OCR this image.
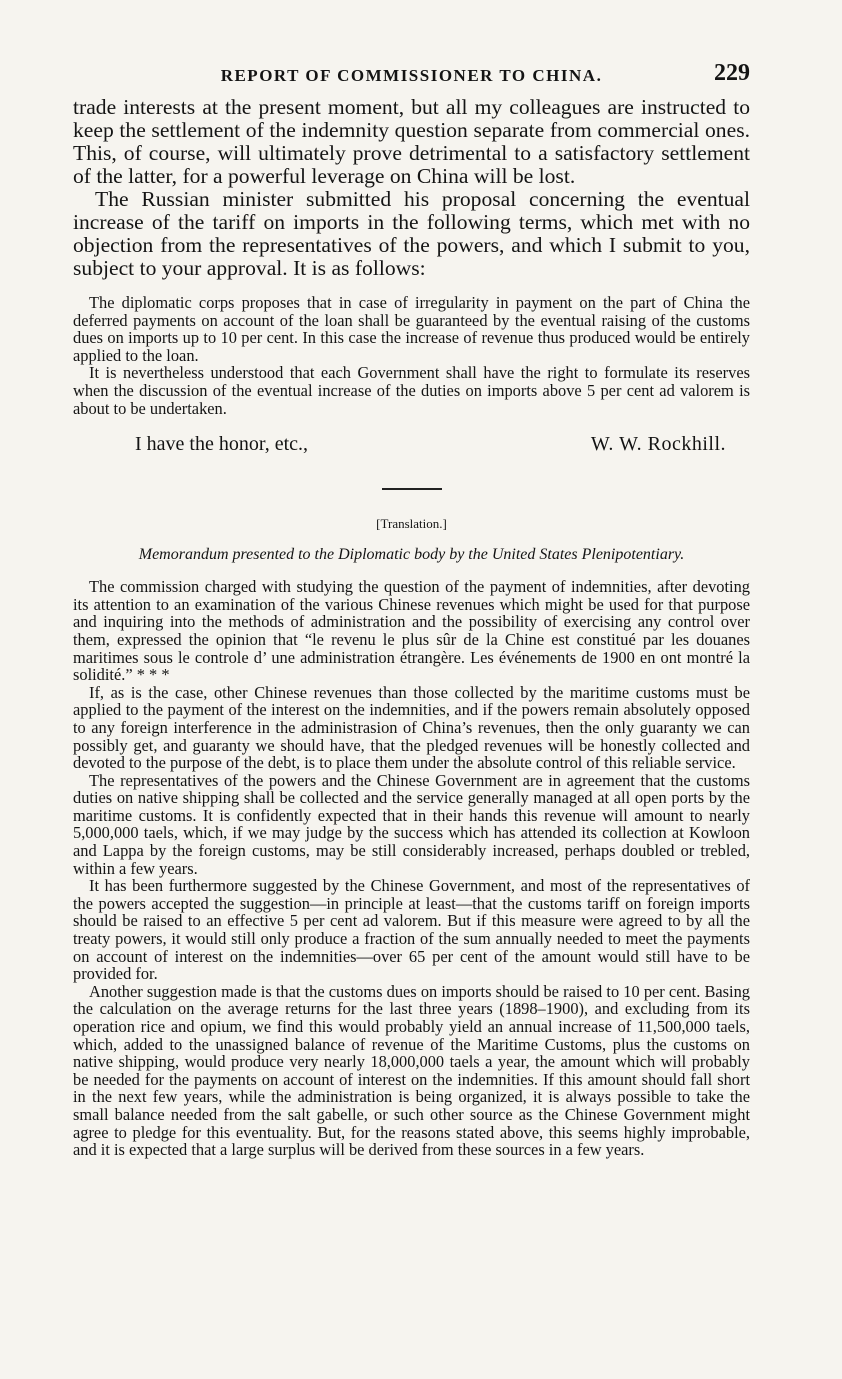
REPORT OF COMMISSIONER TO CHINA.	229

trade interests at the present moment, but all my colleagues are instructed to keep the settlement of the indemnity question separate from commercial ones. This, of course, will ultimately prove detrimental to a satisfactory settlement of the latter, for a powerful leverage on China will be lost.

The Russian minister submitted his proposal concerning the eventual increase of the tariff on imports in the following terms, which met with no objection from the representatives of the powers, and which I submit to you, subject to your approval. It is as follows:

The diplomatic corps proposes that in case of irregularity in payment on the part of China the deferred payments on account of the loan shall be guaranteed by the eventual raising of the customs dues on imports up to 10 per cent. In this case the increase of revenue thus produced would be entirely applied to the loan.

It is nevertheless understood that each Government shall have the right to formulate its reserves when the discussion of the eventual increase of the duties on imports above 5 per cent ad valorem is about to be undertaken.

I have the honor, etc.,	W. W. Rockhill.
[Translation.]
Memorandum presented to the Diplomatic body by the United States Plenipotentiary.

The commission charged with studying the question of the payment of indemnities, after devoting its attention to an examination of the various Chinese revenues which might be used for that purpose and inquiring into the methods of administration and the possibility of exercising any control over them, expressed the opinion that “le revenu le plus sûr de la Chine est constitué par les douanes maritimes sous le controle d’ une administration étrangère. Les événements de 1900 en ont montré la solidité.” * * *

If, as is the case, other Chinese revenues than those collected by the maritime customs must be applied to the payment of the interest on the indemnities, and if the powers remain absolutely opposed to any foreign interference in the administrasion of China’s revenues, then the only guaranty we can possibly get, and guaranty we should have, that the pledged revenues will be honestly collected and devoted to the purpose of the debt, is to place them under the absolute control of this reliable service.

The representatives of the powers and the Chinese Government are in agreement that the customs duties on native shipping shall be collected and the service generally managed at all open ports by the maritime customs. It is confidently expected that in their hands this revenue will amount to nearly 5,000,000 taels, which, if we may judge by the success which has attended its collection at Kowloon and Lappa by the foreign customs, may be still considerably increased, perhaps doubled or trebled, within a few years.

It has been furthermore suggested by the Chinese Government, and most of the representatives of the powers accepted the suggestion—in principle at least—that the customs tariff on foreign imports should be raised to an effective 5 per cent ad valorem. But if this measure were agreed to by all the treaty powers, it would still only produce a fraction of the sum annually needed to meet the payments on account of interest on the indemnities—over 65 per cent of the amount would still have to be provided for.

Another suggestion made is that the customs dues on imports should be raised to 10 per cent. Basing the calculation on the average returns for the last three years (1898–1900), and excluding from its operation rice and opium, we find this would probably yield an annual increase of 11,500,000 taels, which, added to the unassigned balance of revenue of the Maritime Customs, plus the customs on native shipping, would produce very nearly 18,000,000 taels a year, the amount which will probably be needed for the payments on account of interest on the indemnities. If this amount should fall short in the next few years, while the administration is being organized, it is always possible to take the small balance needed from the salt gabelle, or such other source as the Chinese Government might agree to pledge for this eventuality. But, for the reasons stated above, this seems highly improbable, and it is expected that a large surplus will be derived from these sources in a few years.
